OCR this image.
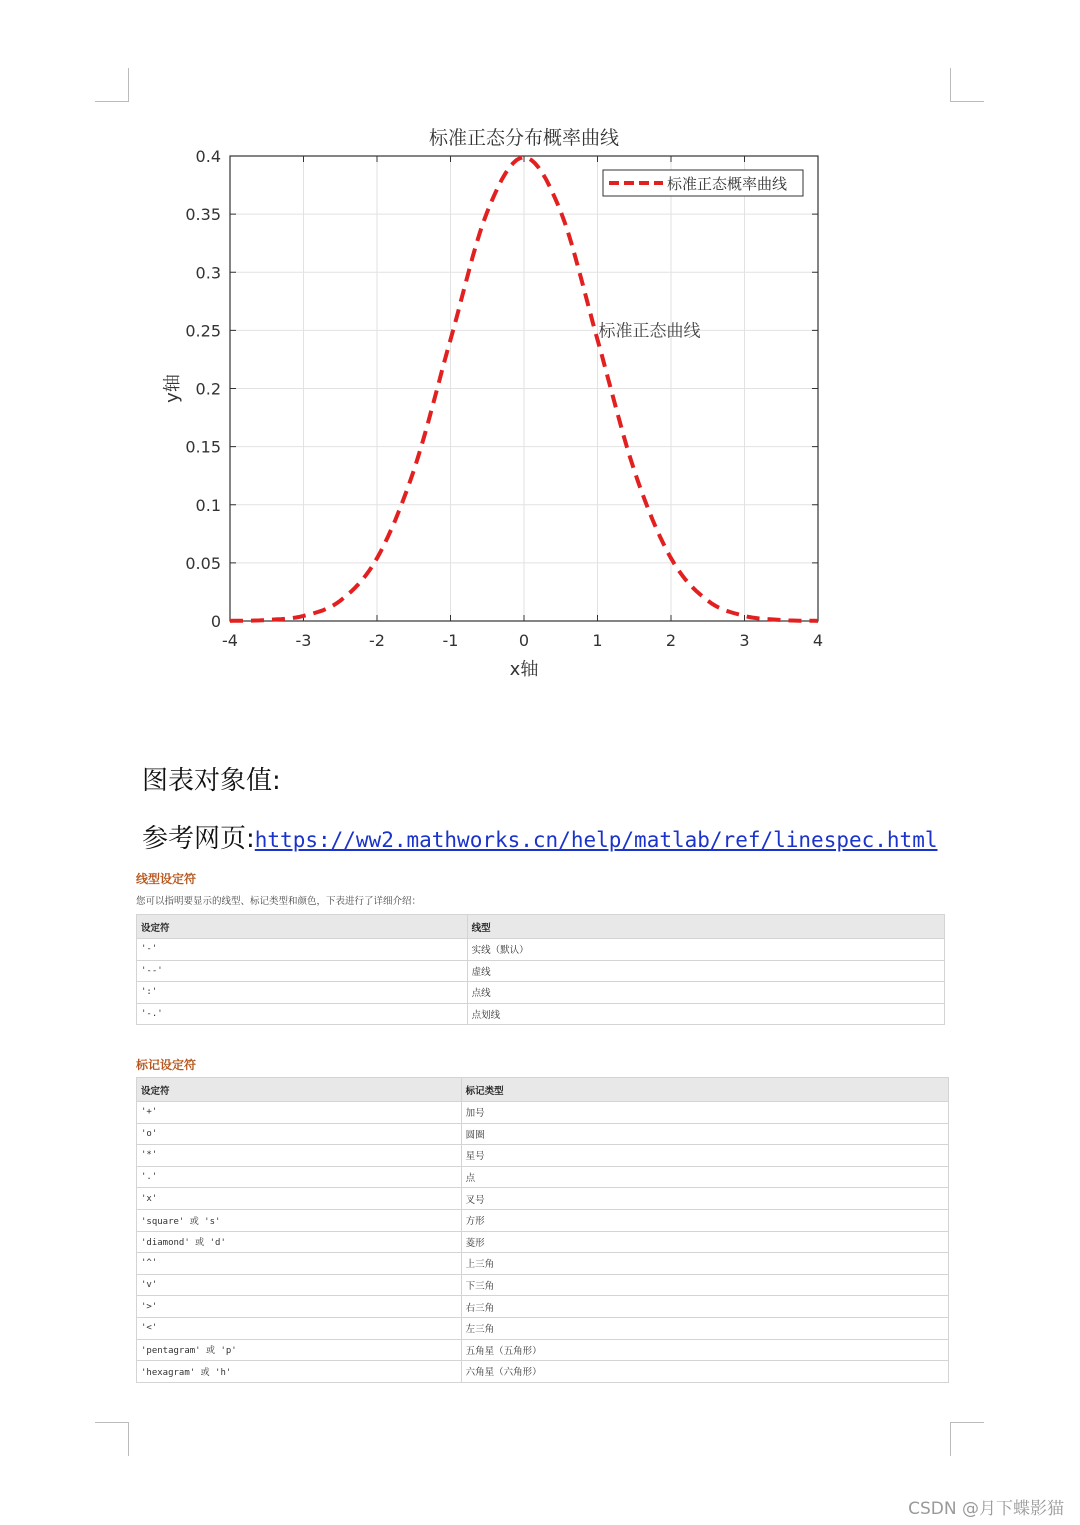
-4	-3	-2	-1	0	1	2	3	4
0
0.05
0.1
0.15
0.2
0.25
0.3
0.35
0.4
标准正态分布概率曲线
x轴
y轴
标准正态曲线
标准正态概率曲线
图表对象值:
参考网页:https://ww2.mathworks.cn/help/matlab/ref/linespec.html
线型设定符
您可以指明要显示的线型、标记类型和颜色，下表进行了详细介绍：
设定符	线型
'-'	实线（默认）
'--'	虚线
':'	点线
'-.'	点划线
标记设定符
设定符	标记类型
'+'	加号
'o'	圆圈
'*'	星号
'.'	点
'x'	叉号
'square' 或 's'	方形
'diamond' 或 'd'	菱形
'^'	上三角
'v'	下三角
'>'	右三角
'<'	左三角
'pentagram' 或 'p'	五角星（五角形）
'hexagram' 或 'h'	六角星（六角形）
CSDN @月下蝶影猫
